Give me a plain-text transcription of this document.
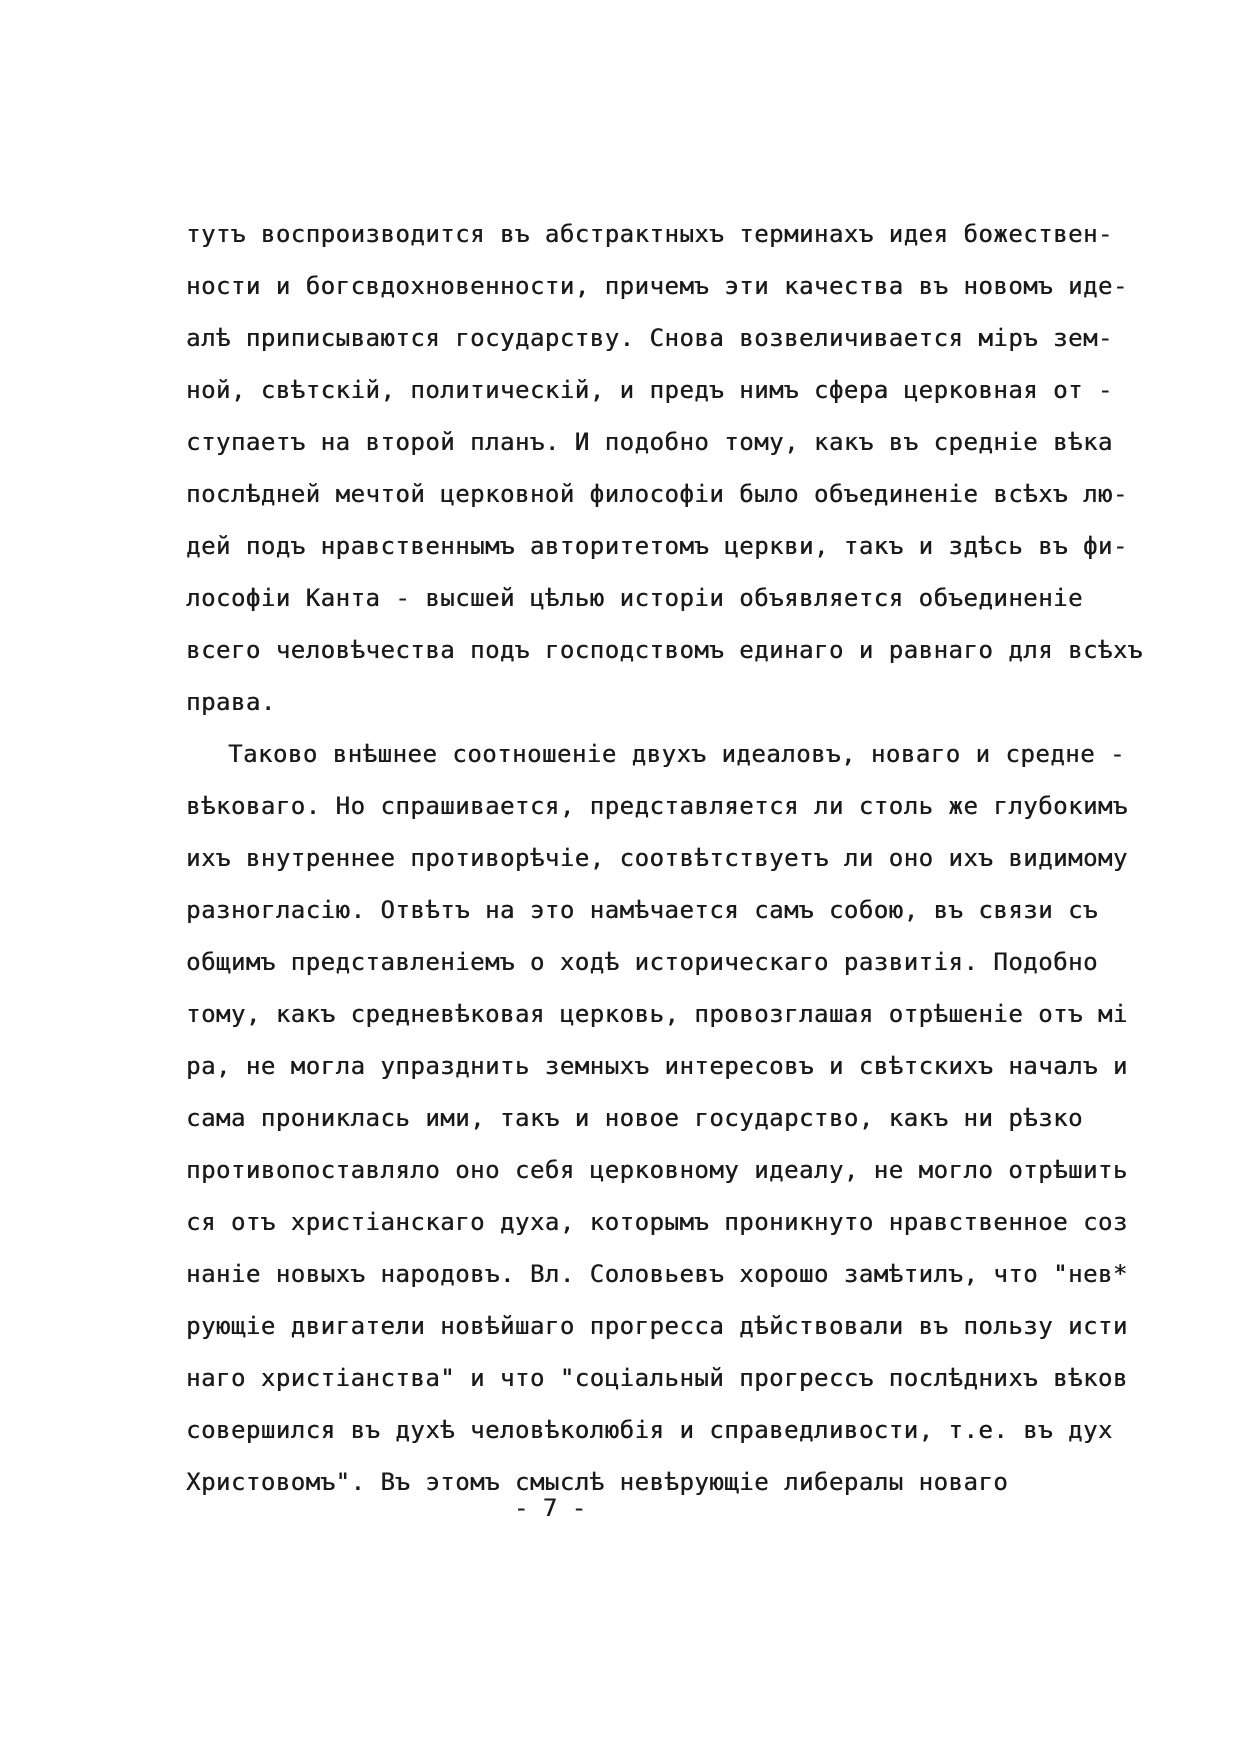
тутъ воспроизводится въ абстрактныхъ терминахъ идея божествен-
ности и богсвдохновенности, причемъ эти качества въ новомъ иде-
алѣ приписываются государству. Снова возвеличивается міръ зем-
ной, свѣтскій, политическій, и предъ нимъ сфера церковная от -
ступаетъ на второй планъ. И подобно тому, какъ въ средніе вѣка
послѣдней мечтой церковной философіи было объединеніе всѣхъ лю-
дей подъ нравственнымъ авторитетомъ церкви, такъ и здѣсь въ фи-
лософіи Канта - высшей цѣлью исторіи объявляется объединеніе
всего человѣчества подъ господствомъ единаго и равнаго для всѣхъ
права.
Таково внѣшнее соотношеніе двухъ идеаловъ, новаго и средне -
вѣковаго. Но спрашивается, представляется ли столь же глубокимъ
ихъ внутреннее противорѣчіе, соотвѣтствуетъ ли оно ихъ видимому
разногласію. Отвѣтъ на это намѣчается самъ собою, въ связи съ
общимъ представленіемъ о ходѣ историческаго развитія. Подобно
тому, какъ средневѣковая церковь, провозглашая отрѣшеніе отъ мі
ра, не могла упразднить земныхъ интересовъ и свѣтскихъ началъ и
сама прониклась ими, такъ и новое государство, какъ ни рѣзко
противопоставляло оно себя церковному идеалу, не могло отрѣшить
ся отъ христіанскаго духа, которымъ проникнуто нравственное соз
наніе новыхъ народовъ. Вл. Соловьевъ хорошо замѣтилъ, что "нев*
рующіе двигатели новѣйшаго прогресса дѣйствовали въ пользу исти
наго христіанства" и что "соціальный прогрессъ послѣднихъ вѣков
совершился въ духѣ человѣколюбія и справедливости, т.е. въ дух
Христовомъ". Въ этомъ смыслѣ невѣрующіе либералы новаго
- 7 -
